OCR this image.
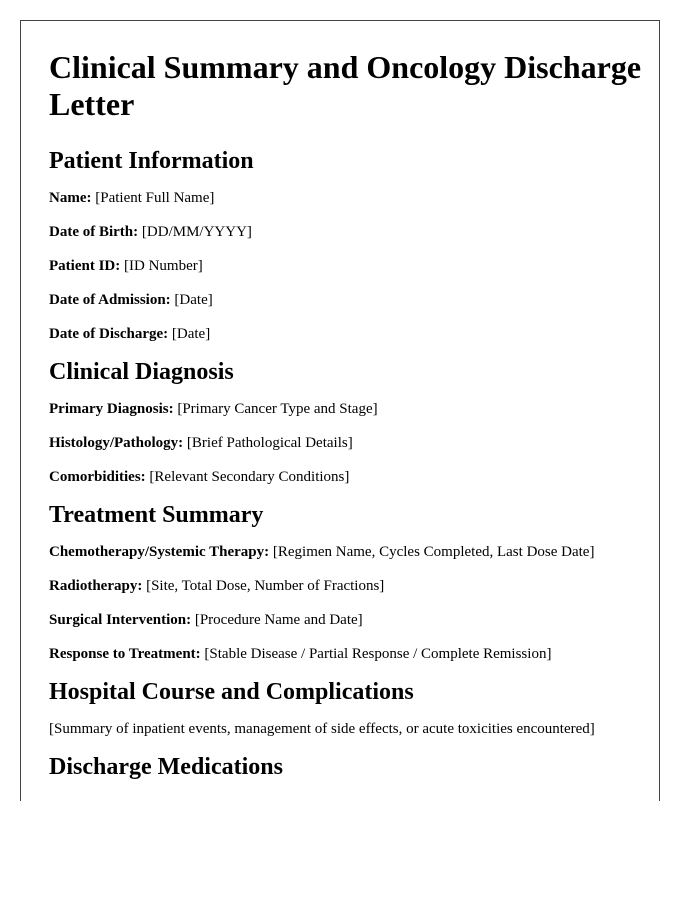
Clinical Summary and Oncology Discharge Letter
Patient Information

Name: [Patient Full Name]

Date of Birth: [DD/MM/YYYY]

Patient ID: [ID Number]

Date of Admission: [Date]

Date of Discharge: [Date]

Clinical Diagnosis

Primary Diagnosis: [Primary Cancer Type and Stage]

Histology/Pathology: [Brief Pathological Details]

Comorbidities: [Relevant Secondary Conditions]

Treatment Summary

Chemotherapy/Systemic Therapy: [Regimen Name, Cycles Completed, Last Dose Date]

Radiotherapy: [Site, Total Dose, Number of Fractions]

Surgical Intervention: [Procedure Name and Date]

Response to Treatment: [Stable Disease / Partial Response / Complete Remission]

Hospital Course and Complications

[Summary of inpatient events, management of side effects, or acute toxicities encountered]

Discharge Medications
